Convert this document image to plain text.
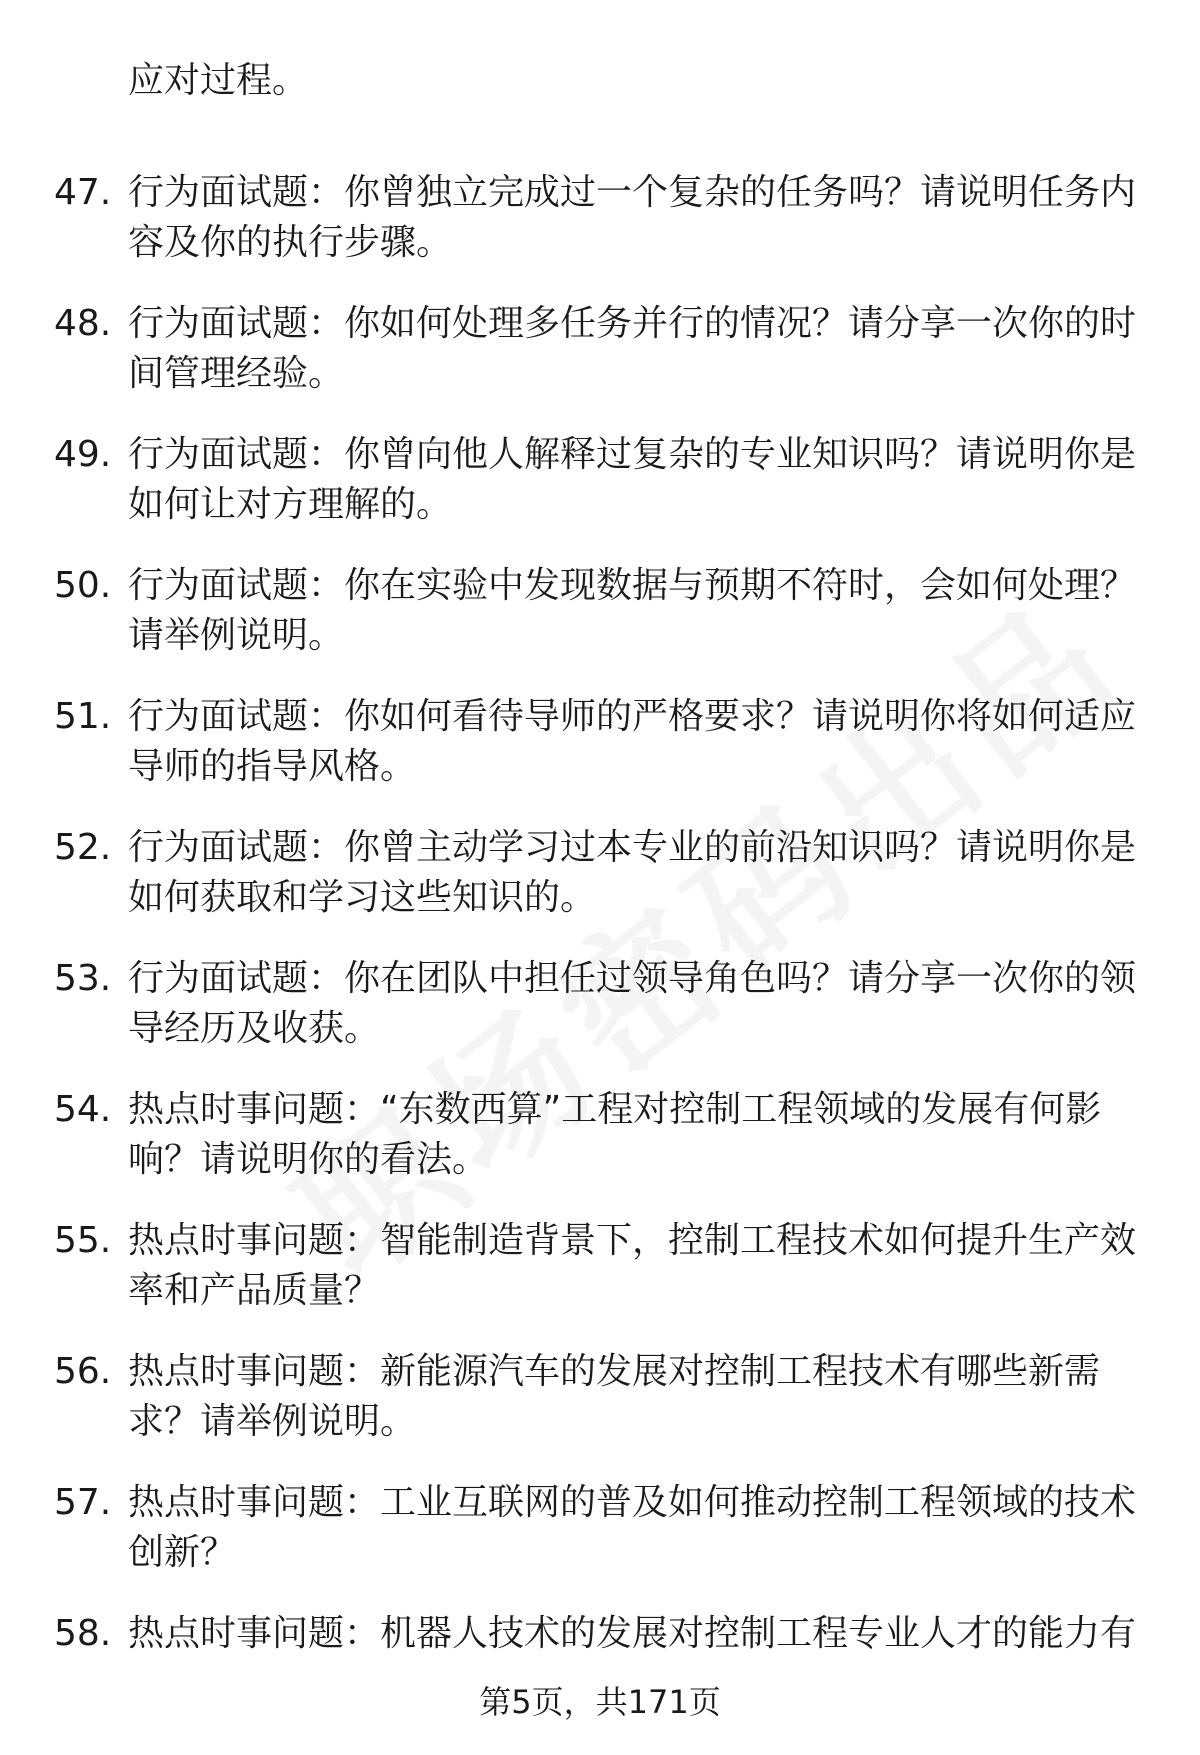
应对过程。
47. 行为面试题：你曾独立完成过一个复杂的任务吗？请说明任务内
容及你的执行步骤。
48. 行为面试题：你如何处理多任务并行的情况？请分享一次你的时
间管理经验。
49. 行为面试题：你曾向他人解释过复杂的专业知识吗？请说明你是
如何让对方理解的。
50. 行为面试题：你在实验中发现数据与预期不符时，会如何处理？
请举例说明。
51. 行为面试题：你如何看待导师的严格要求？请说明你将如何适应
导师的指导风格。
52. 行为面试题：你曾主动学习过本专业的前沿知识吗？请说明你是
如何获取和学习这些知识的。
53. 行为面试题：你在团队中担任过领导角色吗？请分享一次你的领
导经历及收获。
54. 热点时事问题：“东数西算”工程对控制工程领域的发展有何影
响？请说明你的看法。
55. 热点时事问题：智能制造背景下，控制工程技术如何提升生产效
率和产品质量？
56. 热点时事问题：新能源汽车的发展对控制工程技术有哪些新需
求？请举例说明。
57. 热点时事问题：工业互联网的普及如何推动控制工程领域的技术
创新？
58. 热点时事问题：机器人技术的发展对控制工程专业人才的能力有
第5页，共171页
